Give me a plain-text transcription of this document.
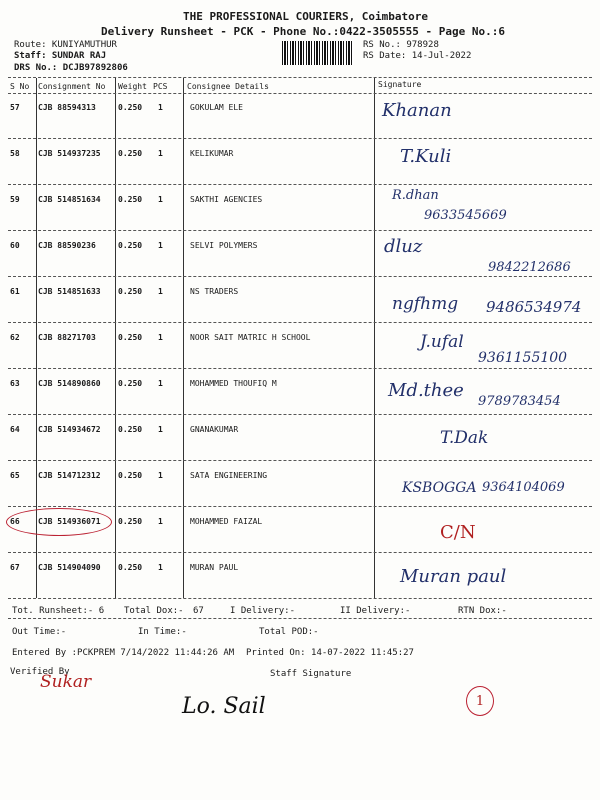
THE PROFESSIONAL COURIERS, Coimbatore
Delivery Runsheet - PCK - Phone No.:0422-3505555 - Page No.:6
Route: KUNIYAMUTHUR
Staff: SUNDAR RAJ
DRS No.: DCJB97892806
RS No.: 978928
RS Date: 14-Jul-2022
S No Consignment No Weight PCS Consignee Details	Signature
57 CJB 88594313	0.250 1	GOKULAM ELE	Khanan
58 CJB 514937235 0.250 1	KELIKUMAR	T.Kuli
59 CJB 514851634 0.250 1	SAKTHI AGENCIES	R.dhan
9633545669
60 CJB 88590236	0.250 1	SELVI POLYMERS	dluz
9842212686
61 CJB 514851633 0.250 1	NS TRADERS
ngfhmg 9486534974
62 CJB 88271703	0.250 1	NOOR SAIT MATRIC H SCHOOL	J.ufal
9361155100
63 CJB 514890860 0.250 1	MOHAMMED THOUFIQ M	Md.thee
9789783454
64 CJB 514934672 0.250 1	GNANAKUMAR	T.Dak
65 CJB 514712312 0.250 1	SATA ENGINEERING
KSBOGGA 9364104069
66 CJB 514936071 0.250 1	MOHAMMED FAIZAL
C/N
67 CJB 514904090 0.250 1	MURAN PAUL	Muran paul
Tot. Runsheet:- 6 Total Dox:- 67	I Delivery:-	II Delivery:-	RTN Dox:-
Out Time:-	In Time:-	Total POD:-
Entered By :PCKPREM 7/14/2022 11:44:26 AM Printed On: 14-07-2022 11:45:27
Verified By
Sukar	Staff Signature
Lo. Sail	1
